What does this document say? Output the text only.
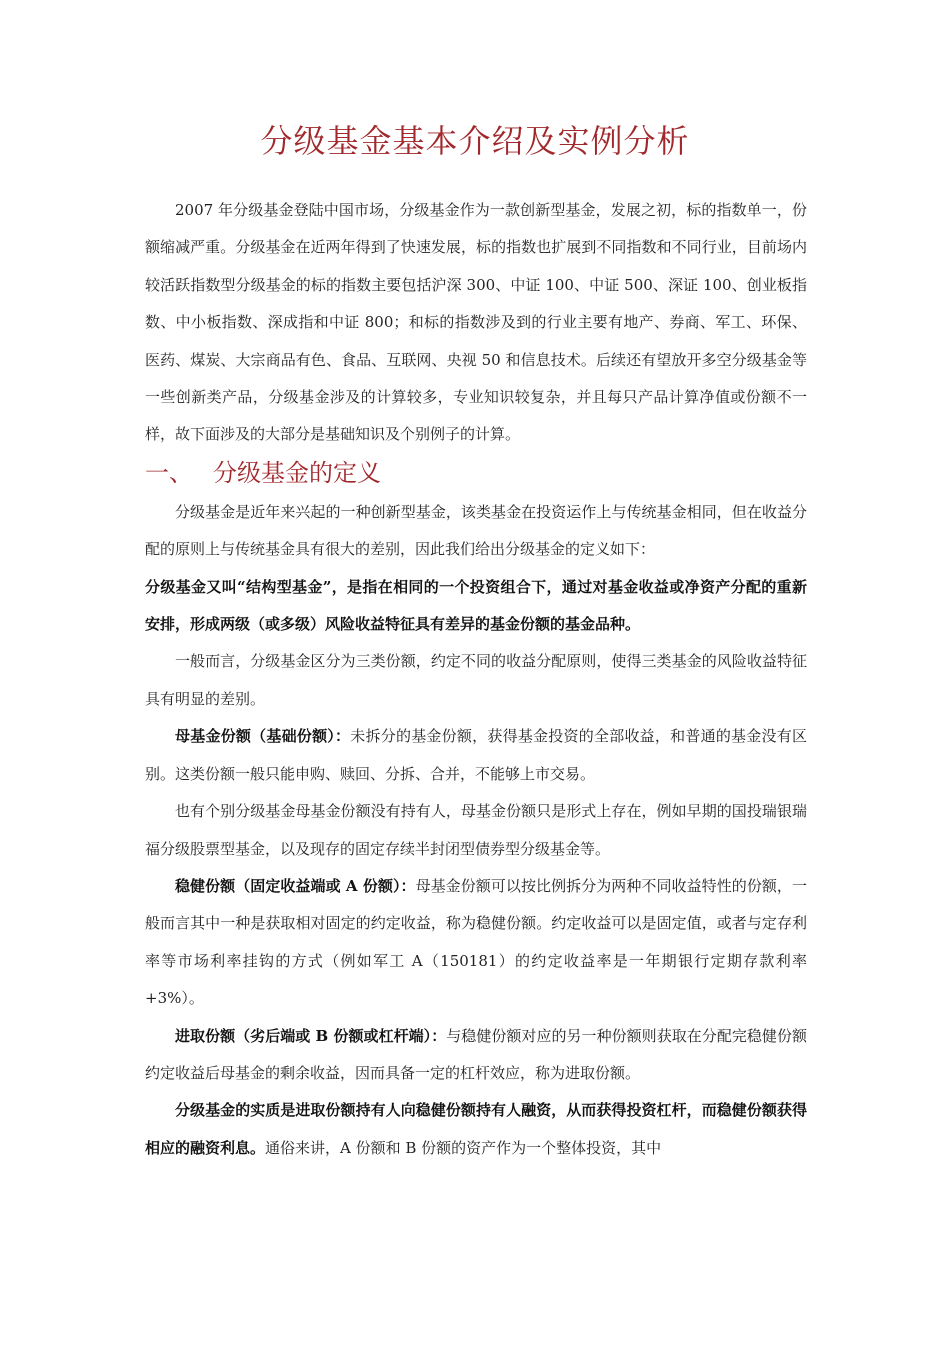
分级基金基本介绍及实例分析

2007 年分级基金登陆中国市场，分级基金作为一款创新型基金，发展之初，标的指数单一，份额缩减严重。分级基金在近两年得到了快速发展，标的指数也扩展到不同指数和不同行业，目前场内较活跃指数型分级基金的标的指数主要包括沪深 300、中证 100、中证 500、深证 100、创业板指数、中小板指数、深成指和中证 800；和标的指数涉及到的行业主要有地产、券商、军工、环保、医药、煤炭、大宗商品有色、食品、互联网、央视 50 和信息技术。后续还有望放开多空分级基金等一些创新类产品，分级基金涉及的计算较多，专业知识较复杂，并且每只产品计算净值或份额不一样，故下面涉及的大部分是基础知识及个别例子的计算。

一、 分级基金的定义

分级基金是近年来兴起的一种创新型基金，该类基金在投资运作上与传统基金相同，但在收益分配的原则上与传统基金具有很大的差别，因此我们给出分级基金的定义如下：

分级基金又叫“结构型基金”，是指在相同的一个投资组合下，通过对基金收益或净资产分配的重新安排，形成两级（或多级）风险收益特征具有差异的基金份额的基金品种。

一般而言，分级基金区分为三类份额，约定不同的收益分配原则，使得三类基金的风险收益特征具有明显的差别。

母基金份额（基础份额）：未拆分的基金份额，获得基金投资的全部收益，和普通的基金没有区别。这类份额一般只能申购、赎回、分拆、合并，不能够上市交易。

也有个别分级基金母基金份额没有持有人，母基金份额只是形式上存在，例如早期的国投瑞银瑞福分级股票型基金，以及现存的固定存续半封闭型债券型分级基金等。

稳健份额（固定收益端或 A 份额）：母基金份额可以按比例拆分为两种不同收益特性的份额，一般而言其中一种是获取相对固定的约定收益，称为稳健份额。约定收益可以是固定值，或者与定存利率等市场利率挂钩的方式（例如军工 A（150181）的约定收益率是一年期银行定期存款利率+3%）。

进取份额（劣后端或 B 份额或杠杆端）：与稳健份额对应的另一种份额则获取在分配完稳健份额约定收益后母基金的剩余收益，因而具备一定的杠杆效应，称为进取份额。

分级基金的实质是进取份额持有人向稳健份额持有人融资，从而获得投资杠杆，而稳健份额获得相应的融资利息。通俗来讲，A 份额和 B 份额的资产作为一个整体投资，其中
